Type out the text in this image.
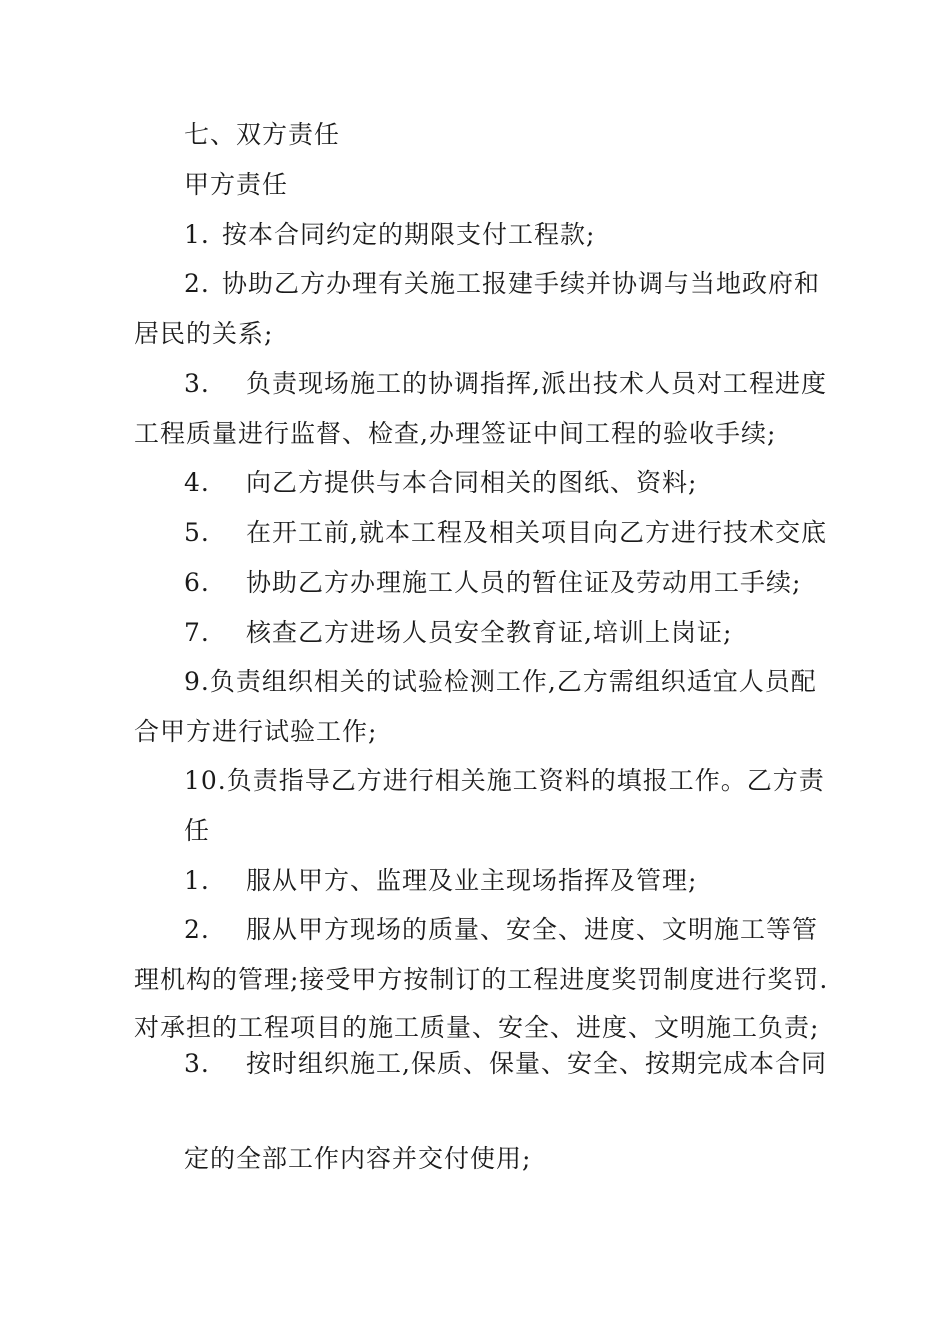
七、双方责任
甲方责任
1. 按本合同约定的期限支付工程款;
2. 协助乙方办理有关施工报建手续并协调与当地政府和
居民的关系;
3. 负责现场施工的协调指挥,派出技术人员对工程进度
工程质量进行监督、检查,办理签证中间工程的验收手续;
4. 向乙方提供与本合同相关的图纸、资料;
5. 在开工前,就本工程及相关项目向乙方进行技术交底
6. 协助乙方办理施工人员的暂住证及劳动用工手续;
7. 核查乙方进场人员安全教育证,培训上岗证;
9.负责组织相关的试验检测工作,乙方需组织适宜人员配
合甲方进行试验工作;
10.负责指导乙方进行相关施工资料的填报工作。乙方责
任
1. 服从甲方、监理及业主现场指挥及管理;
2. 服从甲方现场的质量、安全、进度、文明施工等管
理机构的管理;接受甲方按制订的工程进度奖罚制度进行奖罚.
对承担的工程项目的施工质量、安全、进度、文明施工负责;
3. 按时组织施工,保质、保量、安全、按期完成本合同
定的全部工作内容并交付使用;
